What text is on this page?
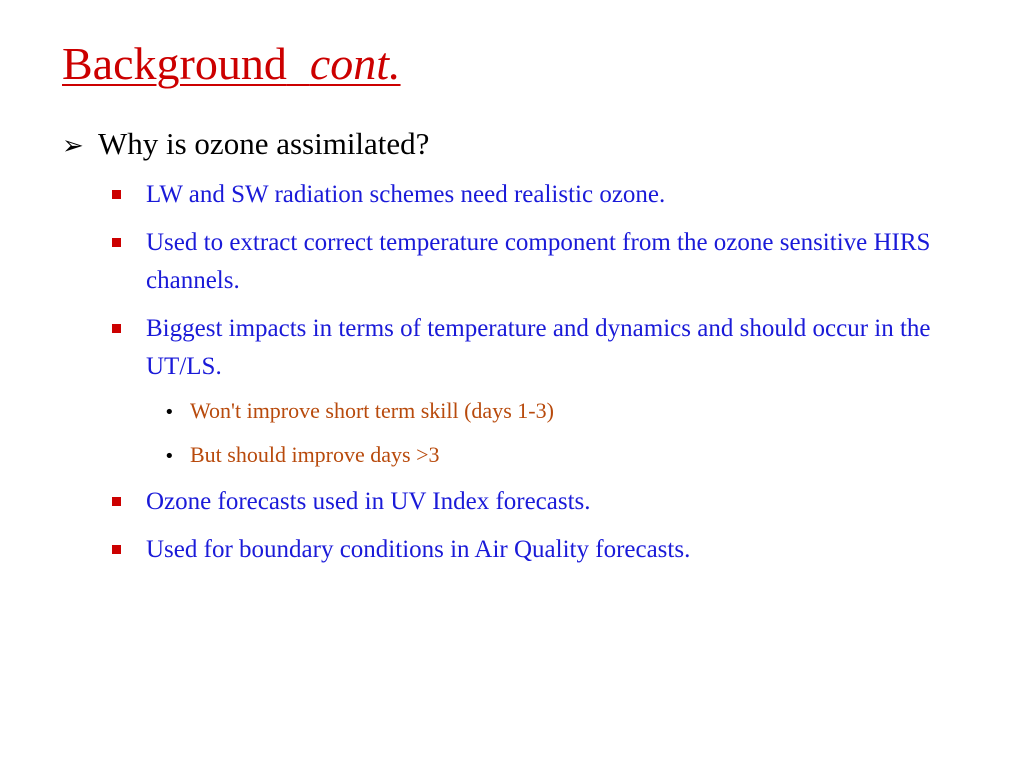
Background cont.
➢ Why is ozone assimilated?
LW and SW radiation schemes need realistic ozone.
Used to extract correct temperature component from the ozone sensitive HIRS channels.
Biggest impacts in terms of temperature and dynamics and should occur in the UT/LS.
• Won't improve short term skill (days 1-3)
• But should improve days >3
Ozone forecasts used in UV Index forecasts.
Used for boundary conditions in Air Quality forecasts.
